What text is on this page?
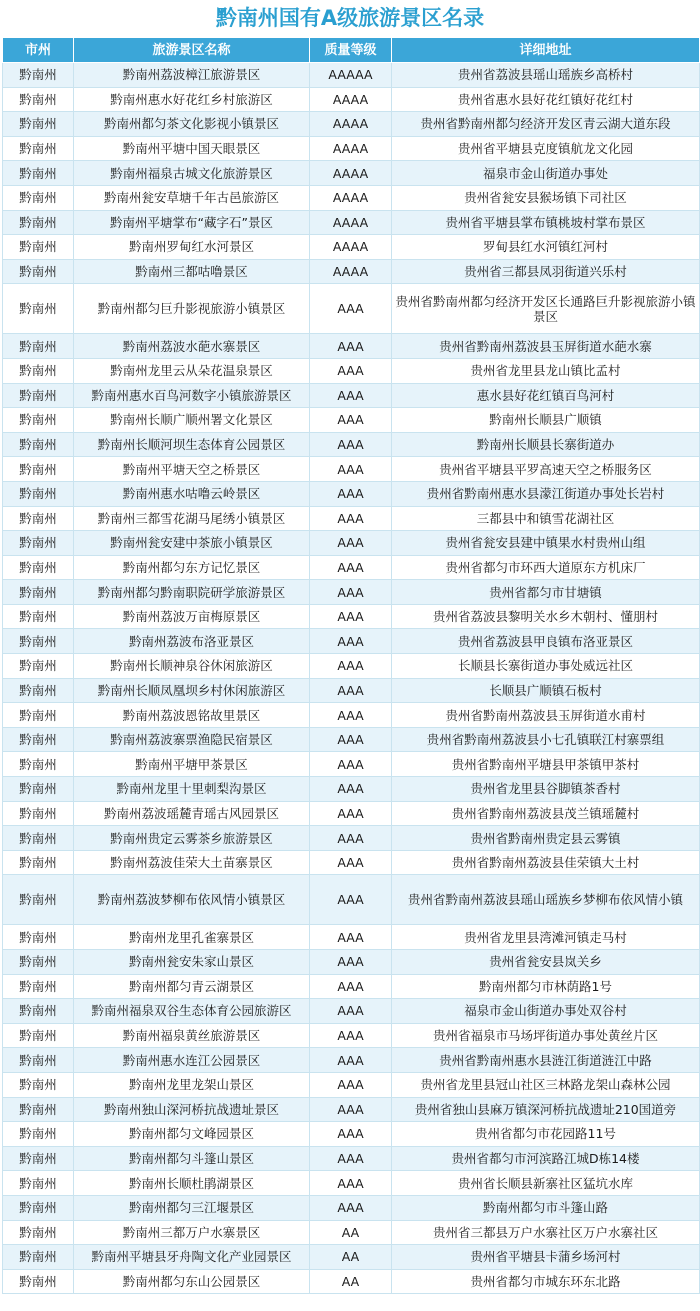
黔南州国有A级旅游景区名录
市州	旅游景区名称	质量等级	详细地址
黔南州	黔南州荔波樟江旅游景区	AAAAA	贵州省荔波县瑶山瑶族乡高桥村
黔南州	黔南州惠水好花红乡村旅游区	AAAA	贵州省惠水县好花红镇好花红村
黔南州	黔南州都匀茶文化影视小镇景区	AAAA	贵州省黔南州都匀经济开发区青云湖大道东段
黔南州	黔南州平塘中国天眼景区	AAAA	贵州省平塘县克度镇航龙文化园
黔南州	黔南州福泉古城文化旅游景区	AAAA	福泉市金山街道办事处
黔南州	黔南州瓮安草塘千年古邑旅游区	AAAA	贵州省瓮安县猴场镇下司社区
黔南州	黔南州平塘掌布“藏字石”景区	AAAA	贵州省平塘县掌布镇桃坡村掌布景区
黔南州	黔南州罗甸红水河景区	AAAA	罗甸县红水河镇红河村
黔南州	黔南州三都咕噜景区	AAAA	贵州省三都县凤羽街道兴乐村
黔南州	黔南州都匀巨升影视旅游小镇景区	AAA	贵州省黔南州都匀经济开发区长通路巨升影视旅游小镇景区
黔南州	黔南州荔波水葩水寨景区	AAA	贵州省黔南州荔波县玉屏街道水葩水寨
黔南州	黔南州龙里云从朵花温泉景区	AAA	贵州省龙里县龙山镇比孟村
黔南州	黔南州惠水百鸟河数字小镇旅游景区	AAA	惠水县好花红镇百鸟河村
黔南州	黔南州长顺广顺州署文化景区	AAA	黔南州长顺县广顺镇
黔南州	黔南州长顺河坝生态体育公园景区	AAA	黔南州长顺县长寨街道办
黔南州	黔南州平塘天空之桥景区	AAA	贵州省平塘县平罗高速天空之桥服务区
黔南州	黔南州惠水咕噜云岭景区	AAA	贵州省黔南州惠水县濛江街道办事处长岩村
黔南州	黔南州三都雪花湖马尾绣小镇景区	AAA	三都县中和镇雪花湖社区
黔南州	黔南州瓮安建中茶旅小镇景区	AAA	贵州省瓮安县建中镇果水村贵州山组
黔南州	黔南州都匀东方记忆景区	AAA	贵州省都匀市环西大道原东方机床厂
黔南州	黔南州都匀黔南职院研学旅游景区	AAA	贵州省都匀市甘塘镇
黔南州	黔南州荔波万亩梅原景区	AAA	贵州省荔波县黎明关水乡木朝村、懂朋村
黔南州	黔南州荔波布洛亚景区	AAA	贵州省荔波县甲良镇布洛亚景区
黔南州	黔南州长顺神泉谷休闲旅游区	AAA	长顺县长寨街道办事处威远社区
黔南州	黔南州长顺凤凰坝乡村休闲旅游区	AAA	长顺县广顺镇石板村
黔南州	黔南州荔波恩铭故里景区	AAA	贵州省黔南州荔波县玉屏街道水甫村
黔南州	黔南州荔波寨票渔隐民宿景区	AAA	贵州省黔南州荔波县小七孔镇联江村寨票组
黔南州	黔南州平塘甲茶景区	AAA	贵州省黔南州平塘县甲茶镇甲茶村
黔南州	黔南州龙里十里刺梨沟景区	AAA	贵州省龙里县谷脚镇茶香村
黔南州	黔南州荔波瑶麓青瑶古风园景区	AAA	贵州省黔南州荔波县茂兰镇瑶麓村
黔南州	黔南州贵定云雾茶乡旅游景区	AAA	贵州省黔南州贵定县云雾镇
黔南州	黔南州荔波佳荣大土苗寨景区	AAA	贵州省黔南州荔波县佳荣镇大土村
黔南州	黔南州荔波梦柳布依风情小镇景区	AAA	贵州省黔南州荔波县瑶山瑶族乡梦柳布依风情小镇
黔南州	黔南州龙里孔雀寨景区	AAA	贵州省龙里县湾滩河镇走马村
黔南州	黔南州瓮安朱家山景区	AAA	贵州省瓮安县岚关乡
黔南州	黔南州都匀青云湖景区	AAA	黔南州都匀市林荫路1号
黔南州	黔南州福泉双谷生态体育公园旅游区	AAA	福泉市金山街道办事处双谷村
黔南州	黔南州福泉黄丝旅游景区	AAA	贵州省福泉市马场坪街道办事处黄丝片区
黔南州	黔南州惠水连江公园景区	AAA	贵州省黔南州惠水县涟江街道涟江中路
黔南州	黔南州龙里龙架山景区	AAA	贵州省龙里县冠山社区三林路龙架山森林公园
黔南州	黔南州独山深河桥抗战遗址景区	AAA	贵州省独山县麻万镇深河桥抗战遗址210国道旁
黔南州	黔南州都匀文峰园景区	AAA	贵州省都匀市花园路11号
黔南州	黔南州都匀斗篷山景区	AAA	贵州省都匀市河滨路江城D栋14楼
黔南州	黔南州长顺杜鹃湖景区	AAA	贵州省长顺县新寨社区猛坑水库
黔南州	黔南州都匀三江堰景区	AAA	黔南州都匀市斗篷山路
黔南州	黔南州三都万户水寨景区	AA	贵州省三都县万户水寨社区万户水寨社区
黔南州	黔南州平塘县牙舟陶文化产业园景区	AA	贵州省平塘县卡蒲乡场河村
黔南州	黔南州都匀东山公园景区	AA	贵州省都匀市城东环东北路
